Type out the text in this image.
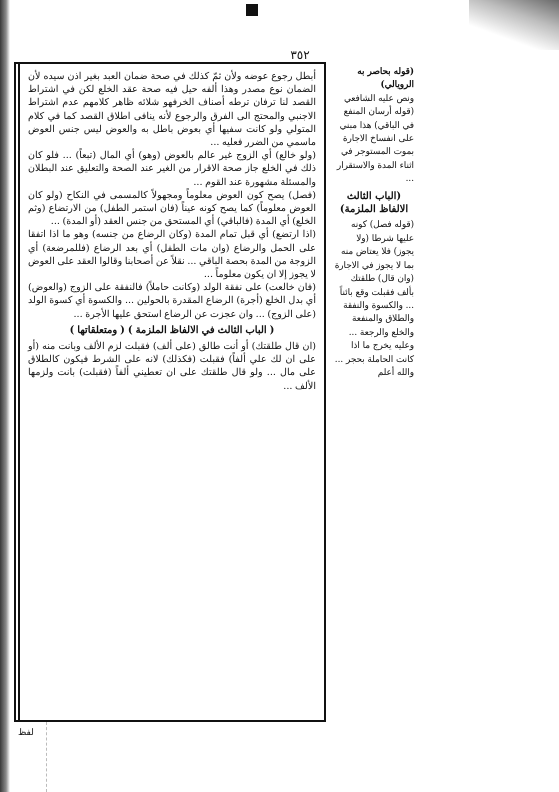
٣٥٢
أبطل رجوع عوضه ولأن ثمّ كذلك في صحة ضمان العبد بغير اذن سيده لأن الضمان نوع مصدر وهذا ألفه حيل فيه صحة عقد الخلع لكن في اشتراط القصد لنا ترفان ترطه أصناف الخرفهو شلائه ظاهر كلامهم عدم اشتراط الاجنبي والمحتج الى الفرق والرجوع لأنه ينافى اطلاق القصد كما في كلام المتولي ولو كانت سفيها أي بعوض باطل به والعوض ليس جنس العوض ماسمي من الضرر فعليه ...
(ولو خالع) أي الزوج غير عالم بالعوض (وهو) أي المال (تبعاً) ... فلو كان ذلك في الخلع جاز صحة الاقرار من الغير عند الصحة والتعليق عند البطلان والمسئلة مشهورة عند القوم ...
(فصل) يصح كون العوض معلوماً ومجهولاً كالمسمى في النكاح (ولو كان العوض معلوماً) كما يصح كونه عيناً (فان استمر الطفل) من الارتضاع (وثم الخلع) أي المدة (فالباقي) أي المستحق من جنس العقد (أو المدة) ...
(اذا ارتضع) أي قبل تمام المدة (وكان الرضاع من جنسه) وهو ما اذا اتفقا على الحمل والرضاع (وان مات الطفل) أي بعد الرضاع (فللمرضعة) أي الزوجة من المدة بحصة الباقي ... نقلاً عن أصحابنا وقالوا العقد على العوض لا يجوز إلا ان يكون معلوماً ...
(فان خالعت) على نفقة الولد (وكانت حاملاً) فالنفقة على الزوج (والعوض) أي بدل الخلع (أجرة) الرضاع المقدرة بالحولين ... والكسوة أي كسوة الولد (على الزوج) ... وان عجزت عن الرضاع استحق عليها الأجرة ...
( الباب الثالث في الالفاظ الملزمة ) ( ومتعلقاتها )
(ان قال طلقتك) أو أنت طالق (على ألف) فقبلت لزم الألف وبانت منه (أو على ان لك علي ألفاً) فقبلت (فكذلك) لانه على الشرط فيكون كالطلاق على مال ... ولو قال طلقتك على ان تعطيني ألفاً (فقبلت) بانت ولزمها الألف ...
(قوله بحاصر به الرويالي)
ونص عليه الشافعي (قوله أرسان المنفع في الباقي) هذا مبني على انفساخ الاجارة بموت المستوجر في اثناء المدة والاستقرار ...
(الباب الثالث الالفاظ الملزمة)
(قوله فصل) كونه عليها شرطا (ولا يجوز) فلا يعتاض منه بما لا يجوز في الاجارة (وان قال) طلقتك بألف فقبلت وقع بائناً ... والكسوة والنفقة والطلاق والمنفعة والخلع والرجعة ...
وعليه يخرج ما اذا كانت الحاملة بحجر ... والله أعلم
لفظ
